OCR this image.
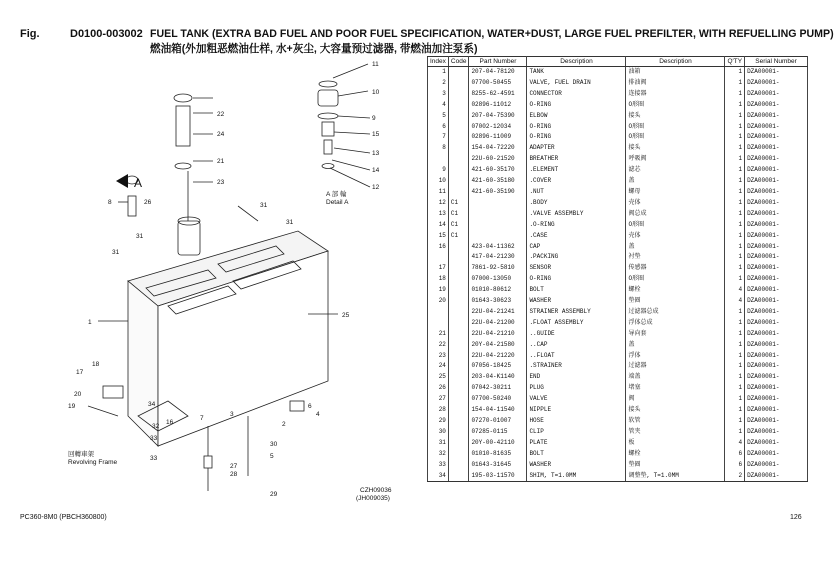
Fig.	D0100-003002 FUEL TANK (EXTRA BAD FUEL AND POOR FUEL SPECIFICATION, WATER+DUST, LARGE FUEL PREFILTER, WITH REFUELLING PUMP)
燃油箱(外加粗恶燃油仕样, 水+灰尘, 大容量预过滤器, 带燃油加注泵系)
A
A 部 輪
Detail A
回轉車架
Revolving Frame
CZH09036
(JH009035)
11
10
9
22
15
24
13
21
14
12
23
8	26	31
31
31
31
25
1
18
17
20
19	34
16
32
33
7
3
33
28
27
2
6
4
5
30
29
Index	Code	Part Number	Description	Description	Q'TY	Serial Number
1		207-04-78120	TANK	油箱	1	DZA00001-
2		07700-50455	VALVE, FUEL DRAIN	排油阀	1	DZA00001-
3		8255-62-4591	CONNECTOR	连接器	1	DZA00001-
4		02896-11012	O-RING	O形圈	1	DZA00001-
5		207-04-75390	ELBOW	接头	1	DZA00001-
6		07002-12034	O-RING	O形圈	1	DZA00001-
7		02896-11009	O-RING	O形圈	1	DZA00001-
8		154-04-72220	ADAPTER	接头	1	DZA00001-
		22U-60-21520	BREATHER	呼吸阀	1	DZA00001-
9		421-60-35170	.ELEMENT	滤芯	1	DZA00001-
10		421-60-35180	.COVER	盖	1	DZA00001-
11		421-60-35190	.NUT	螺母	1	DZA00001-
12	C1		.BODY	壳体	1	DZA00001-
13	C1		.VALVE ASSEMBLY	阀总成	1	DZA00001-
14	C1		.O-RING	O形圈	1	DZA00001-
15	C1		.CASE	壳体	1	DZA00001-
16		423-04-11362	CAP	盖	1	DZA00001-
		417-04-21230	.PACKING	衬垫	1	DZA00001-
17		7861-92-5810	SENSOR	传感器	1	DZA00001-
18		07000-13050	O-RING	O形圈	1	DZA00001-
19		01010-80612	BOLT	螺栓	4	DZA00001-
20		01643-30623	WASHER	垫圈	4	DZA00001-
		22U-04-21241	STRAINER ASSEMBLY	过滤器总成	1	DZA00001-
		22U-04-21200	.FLOAT ASSEMBLY	浮体总成	1	DZA00001-
21		22U-04-21210	..GUIDE	导向套	1	DZA00001-
22		20Y-04-21580	..CAP	盖	1	DZA00001-
23		22U-04-21220	..FLOAT	浮体	1	DZA00001-
24		07056-18425	.STRAINER	过滤器	1	DZA00001-
25		203-04-K1140	END	端盖	1	DZA00001-
26		07042-30211	PLUG	堵塞	1	DZA00001-
27		07700-50240	VALVE	阀	1	DZA00001-
28		154-04-11540	NIPPLE	接头	1	DZA00001-
29		07270-01007	HOSE	软管	1	DZA00001-
30		07285-0115	CLIP	管夹	1	DZA00001-
31		20Y-00-42110	PLATE	板	4	DZA00001-
32		01010-81635	BOLT	螺栓	6	DZA00001-
33		01643-31645	WASHER	垫圈	6	DZA00001-
34		195-03-11570	SHIM, T=1.0MM	调整垫, T=1.0MM	2	DZA00001-
PC360-8M0 (PBCH360800)	126
